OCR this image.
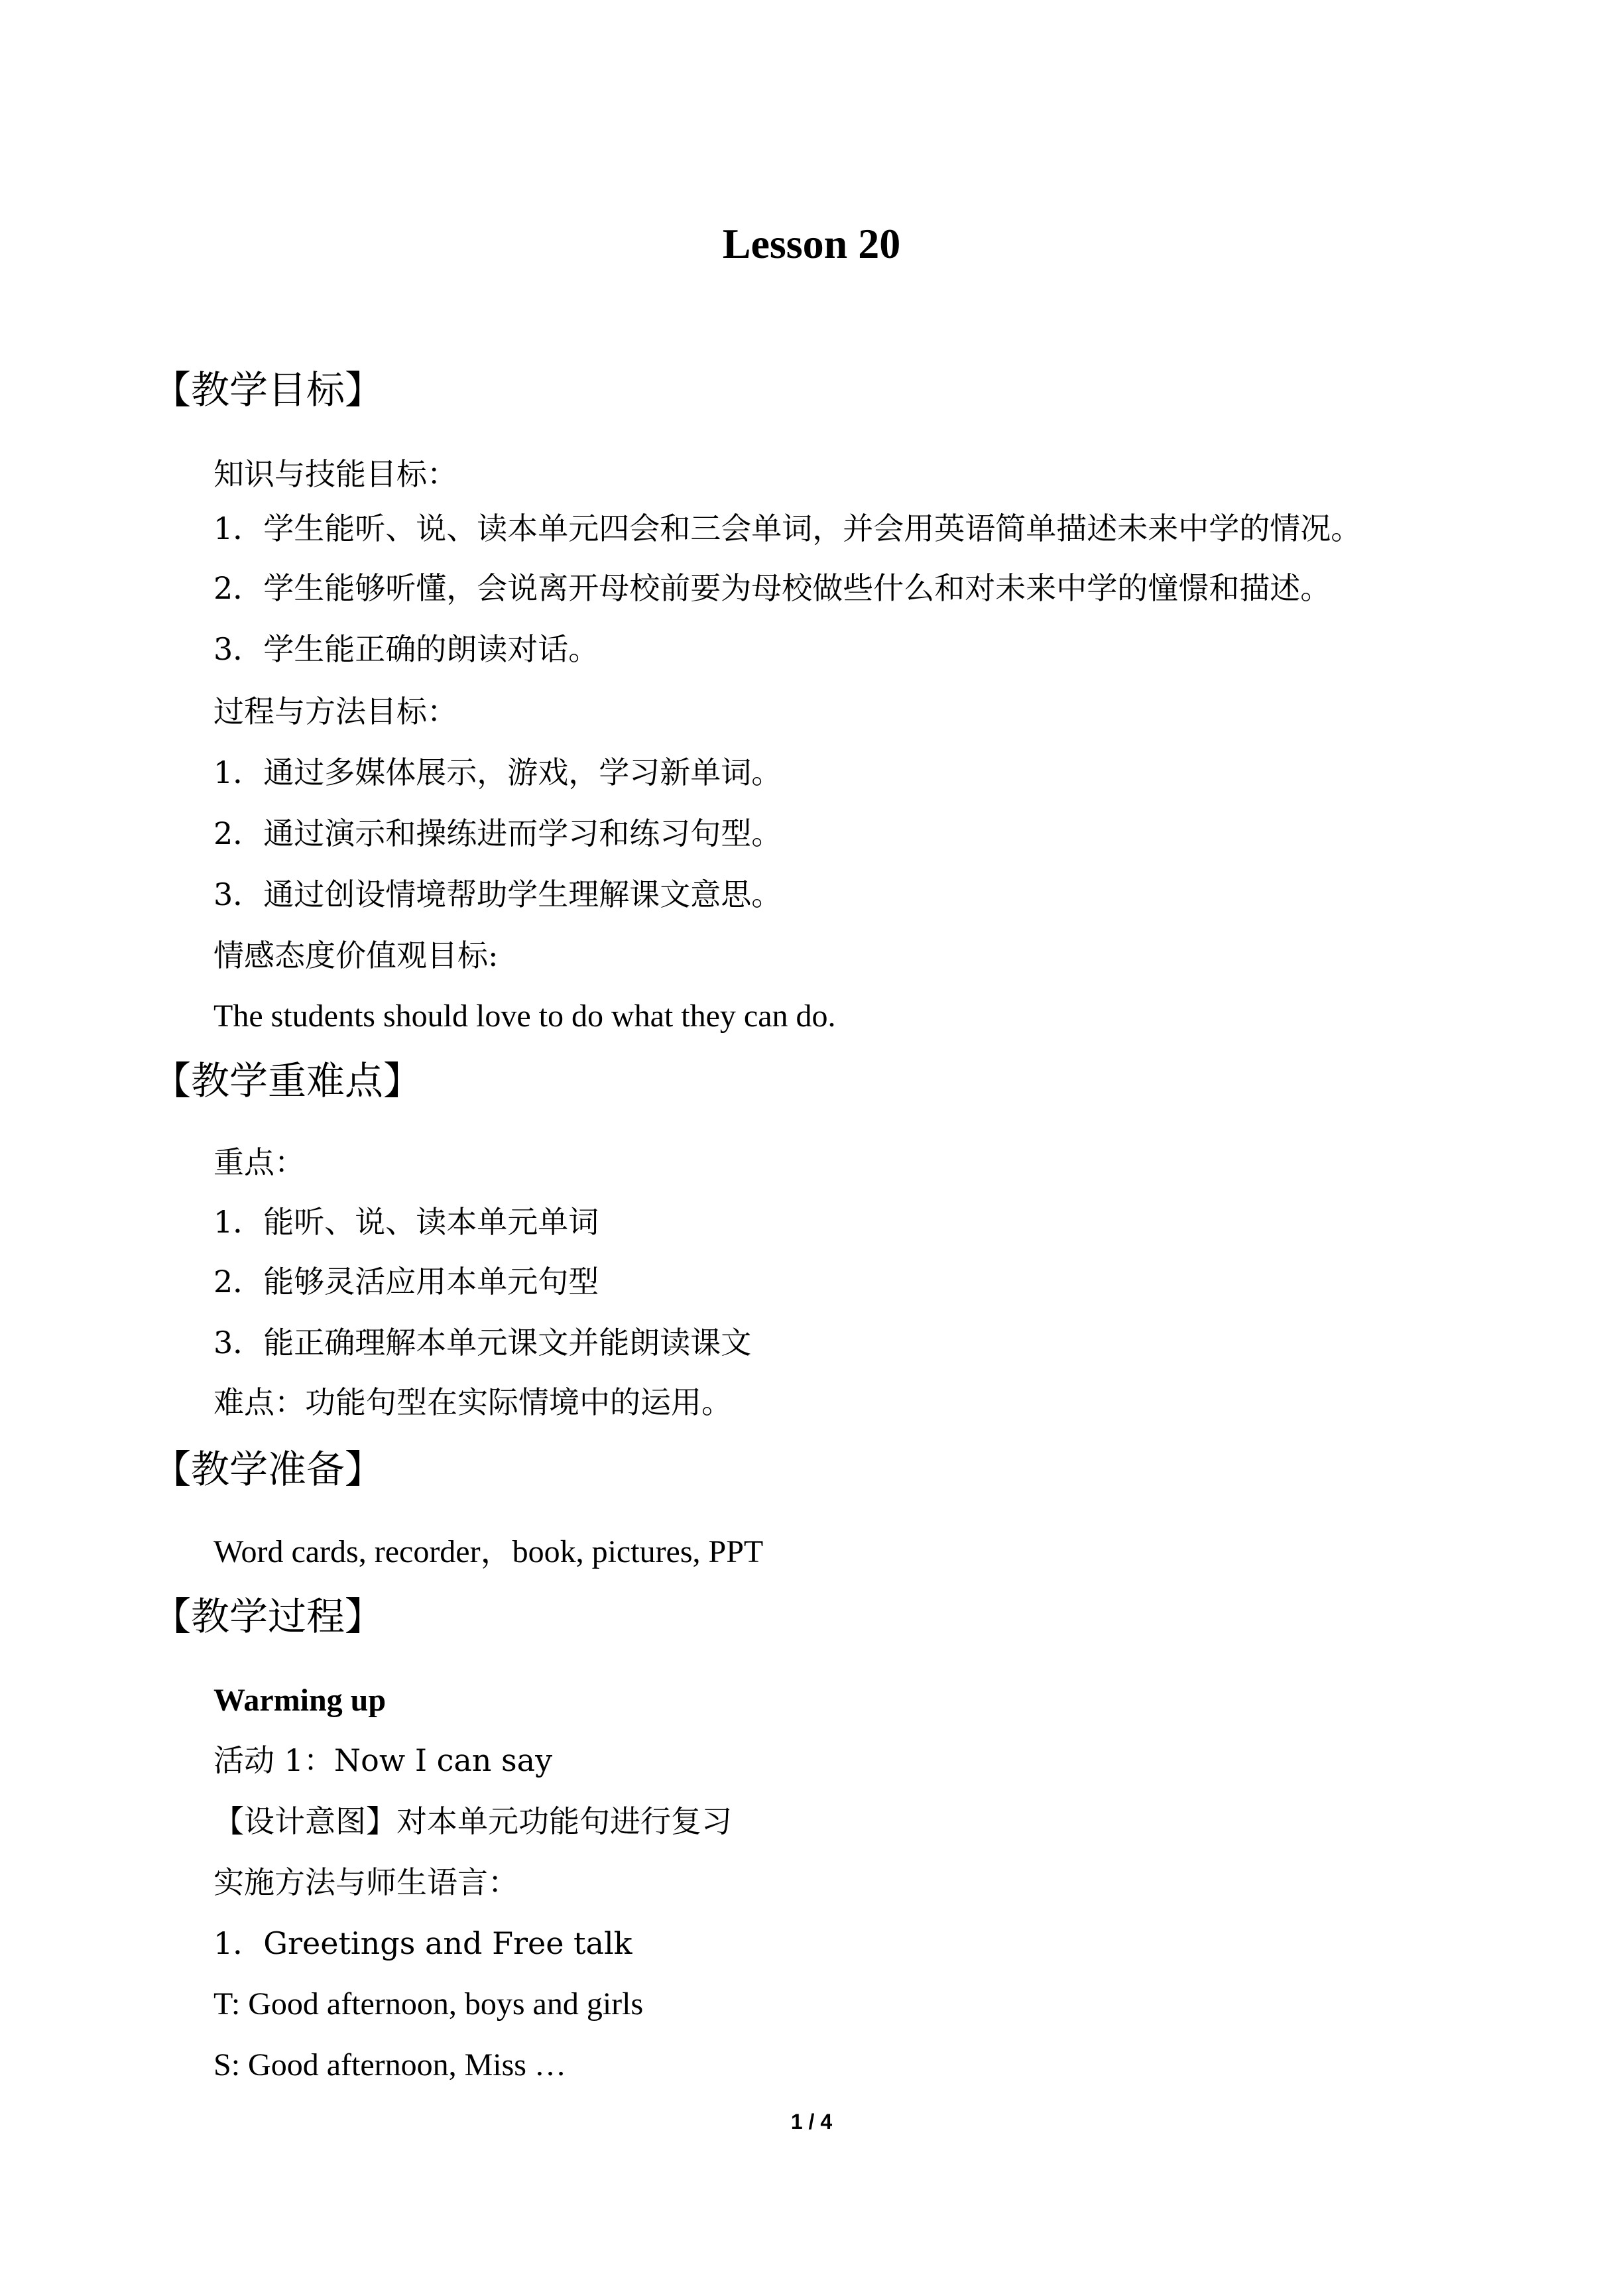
Lesson 20
【教学目标】
知识与技能目标：
1．学生能听、说、读本单元四会和三会单词，并会用英语简单描述未来中学的情况。
2．学生能够听懂，会说离开母校前要为母校做些什么和对未来中学的憧憬和描述。
3．学生能正确的朗读对话。
过程与方法目标：
1．通过多媒体展示，游戏，学习新单词。
2．通过演示和操练进而学习和练习句型。
3．通过创设情境帮助学生理解课文意思。
情感态度价值观目标:
The students should love to do what they can do.
【教学重难点】
重点：
1．能听、说、读本单元单词
2．能够灵活应用本单元句型
3．能正确理解本单元课文并能朗读课文
难点：功能句型在实际情境中的运用。
【教学准备】
Word cards, recorder，book, pictures, PPT
【教学过程】
Warming up
活动 1：Now I can say
【设计意图】对本单元功能句进行复习
实施方法与师生语言：
1．Greetings and Free talk
T: Good afternoon, boys and girls
S: Good afternoon, Miss …
1 / 4
